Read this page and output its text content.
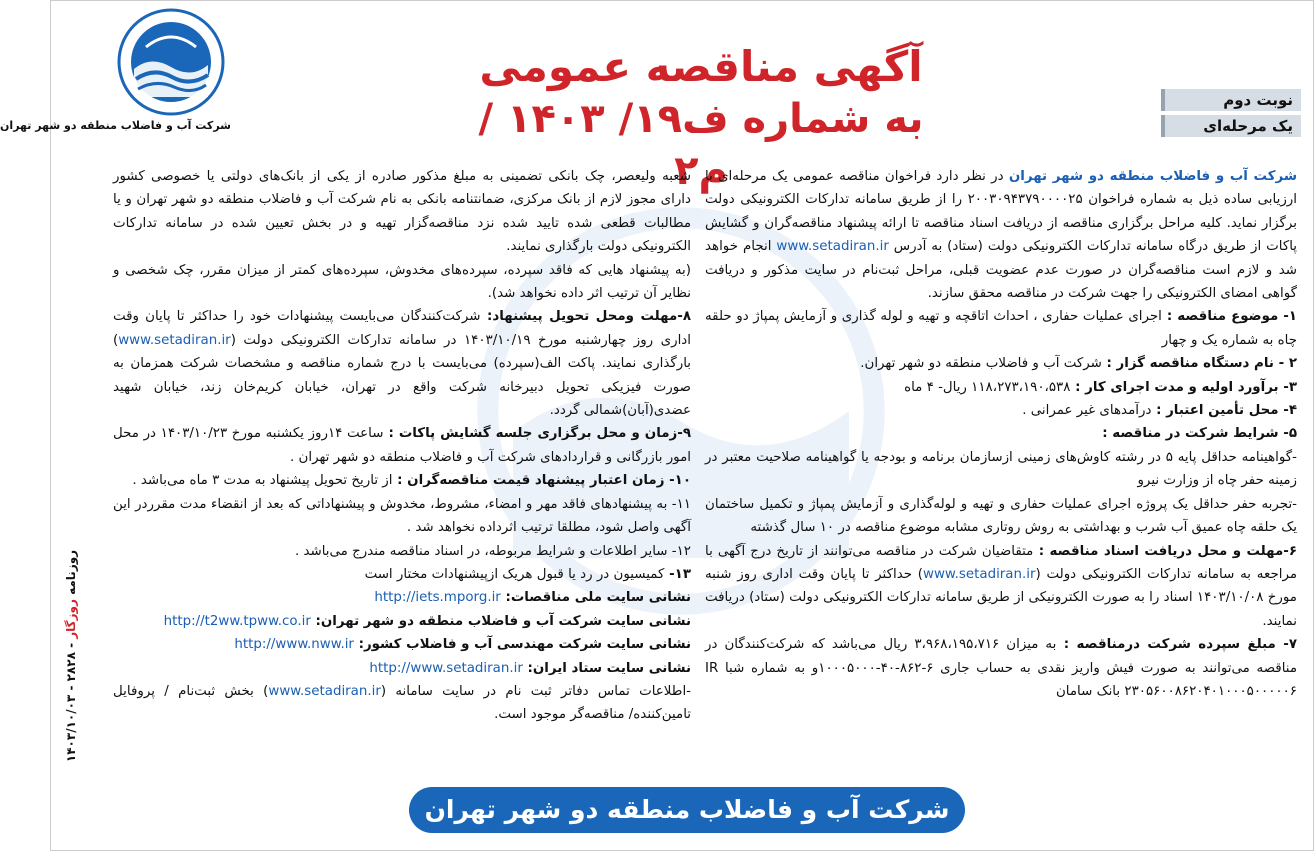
شرکت آب و فاضلاب منطقه دو شهر تهران
آگهی مناقصه عمومی
به شماره ف۱۹/ ۱۴۰۳ / م۲
نوبت دوم
یک مرحله‌ای

شرکت آب و فاضلاب منطقه دو شهر تهران در نظر دارد فراخوان مناقصه عمومی یک مرحله‌ای با ارزیابی ساده ذیل به شماره فراخوان ۲۰۰۳۰۹۴۳۷۹۰۰۰۰۲۵ را از طریق سامانه تدارکات الکترونیکی دولت برگزار نماید. کلیه مراحل برگزاری مناقصه از دریافت اسناد مناقصه تا ارائه پیشنهاد مناقصه‌گران و گشایش پاکات از طریق درگاه سامانه تدارکات الکترونیکی دولت (ستاد) به آدرس www.setadiran.ir انجام خواهد شد و لازم است مناقصه‌گران در صورت عدم عضویت قبلی، مراحل ثبت‌نام در سایت مذکور و دریافت گواهی امضای الکترونیکی را جهت شرکت در مناقصه محقق سازند.

۱- موضوع مناقصه : اجرای عملیات حفاری ، احداث اتاقچه و تهیه و لوله گذاری و آزمایش پمپاژ دو حلقه چاه به شماره یک و چهار

۲ - نام دستگاه مناقصه گزار : شرکت آب و فاضلاب منطقه دو شهر تهران.

۳- برآورد اولیه و مدت اجرای کار : ۱۱۸،۲۷۳،۱۹۰،۵۳۸ ریال- ۴ ماه

۴- محل تأمین اعتبار : درآمدهای غیر عمرانی .

۵- شرایط شرکت در مناقصه :

-گواهینامه حداقل پایه ۵ در رشته کاوش‌های زمینی ازسازمان برنامه و بودجه یا گواهینامه صلاحیت معتبر در زمینه حفر چاه از وزارت نیرو

-تجربه حفر حداقل یک پروژه اجرای عملیات حفاری و تهیه و لوله‌گذاری و آزمایش پمپاژ و تکمیل ساختمان یک حلقه چاه عمیق آب شرب و بهداشتی به روش روتاری مشابه موضوع مناقصه در ۱۰ سال گذشته

۶-مهلت و محل دریافت اسناد مناقصه : متقاضیان شرکت در مناقصه می‌توانند از تاریخ درج آگهی با مراجعه به سامانه تدارکات الکترونیکی دولت (www.setadiran.ir) حداکثر تا پایان وقت اداری روز شنبه مورخ ۱۴۰۳/۱۰/۰۸ اسناد را به صورت الکترونیکی از طریق سامانه تدارکات الکترونیکی دولت (ستاد) دریافت نمایند.

۷- مبلغ سپرده شرکت درمناقصه : به میزان ۳،۹۶۸،۱۹۵،۷۱۶ ریال می‌باشد که شرکت‌کنندگان در مناقصه می‌توانند به صورت فیش واریز نقدی به حساب جاری ۶-۸۶۲-۴۰-۱۰۰۰۵۰۰۰و به شماره شبا IR ۲۳۰۵۶۰۰۸۶۲۰۴۰۱۰۰۰۵۰۰۰۰۰۶ بانک سامان

شعبه ولیعصر، چک بانکی تضمینی به مبلغ مذکور صادره از یکی از بانک‌های دولتی یا خصوصی کشور دارای مجوز لازم از بانک مرکزی، ضمانتنامه بانکی به نام شرکت آب و فاضلاب منطقه دو شهر تهران و یا مطالبات قطعی شده تایید شده نزد مناقصه‌گزار تهیه و در بخش تعیین شده در سامانه تدارکات الکترونیکی دولت بارگذاری نمایند.

(به پیشنهاد هایی که فاقد سپرده، سپرده‌های مخدوش، سپرده‌های کمتر از میزان مقرر، چک شخصی و نظایر آن ترتیب اثر داده نخواهد شد).

۸-مهلت ومحل تحویل پیشنهاد: شرکت‌کنندگان می‌بایست پیشنهادات خود را حداکثر تا پایان وقت اداری روز چهارشنبه مورخ ۱۴۰۳/۱۰/۱۹ در سامانه تدارکات الکترونیکی دولت (www.setadiran.ir) بارگذاری نمایند. پاکت الف(سپرده) می‌بایست با درج شماره مناقصه و مشخصات شرکت همزمان به صورت فیزیکی تحویل دبیرخانه شرکت واقع در تهران، خیابان کریم‌خان زند، خیابان شهید عضدی(آبان)شمالی گردد.

۹-زمان و محل برگزاری جلسه گشایش پاکات : ساعت ۱۴روز یکشنبه مورخ ۱۴۰۳/۱۰/۲۳ در محل امور بازرگانی و قراردادهای شرکت آب و فاضلاب منطقه دو شهر تهران .

۱۰- زمان اعتبار پیشنهاد قیمت مناقصه‌گران : از تاریخ تحویل پیشنهاد به مدت ۳ ماه می‌باشد .

۱۱- به پیشنهادهای فاقد مهر و امضاء، مشروط، مخدوش و پیشنهاداتی که بعد از انقضاء مدت مقرردر این آگهی واصل شود، مطلقا ترتیب اثرداده نخواهد شد .

۱۲- سایر اطلاعات و شرایط مربوطه، در اسناد مناقصه مندرج می‌باشد .

۱۳- کمیسیون در رد یا قبول هریک ازپیشنهادات مختار است

نشانی سایت ملی مناقصات: http://iets.mporg.ir

نشانی سایت شرکت آب و فاضلاب منطقه دو شهر تهران: http://t2ww.tpww.co.ir

نشانی سایت شرکت مهندسی آب و فاضلاب کشور: http://www.nww.ir

نشانی سایت ستاد ایران: http://www.setadiran.ir

-اطلاعات تماس دفاتر ثبت نام در سایت سامانه (www.setadiran.ir) بخش ثبت‌نام / پروفایل تامین‌کننده/ مناقصه‌گر موجود است.

روزنامه روزگار - ۲۸۲۸ - ۱۴۰۳/۱۰/۰۳
شرکت آب و فاضلاب منطقه دو شهر تهران
